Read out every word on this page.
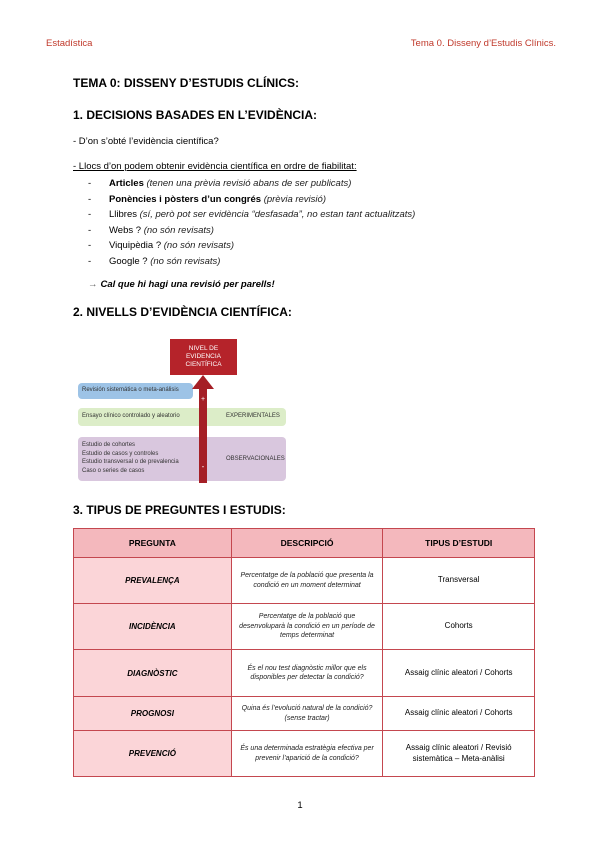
Estadística	Tema 0. Disseny d’Estudis Clínics.
TEMA 0: DISSENY D’ESTUDIS CLÍNICS:
1. DECISIONS BASADES EN L’EVIDÈNCIA:

- D’on s’obté l’evidència científica?

- Llocs d’on podem obtenir evidència científica en ordre de fiabilitat:

- Articles (tenen una prèvia revisió abans de ser publicats)
- Ponències i pòsters d’un congrés (prèvia revisió)
- Llibres (sí, però pot ser evidència “desfasada”, no estan tant actualitzats)
- Webs ? (no són revisats)
- Viquipèdia ? (no són revisats)
- Google ? (no són revisats)

→ Cal que hi hagi una revisió per parells!

2. NIVELLS D’EVIDÈNCIA CIENTÍFICA:
NIVEL DE EVIDENCIA CIENTÍFICA
Revisión sistemática o meta-análisis
Ensayo clínico controlado y aleatorio	EXPERIMENTALES
Estudio de cohortes
Estudio de casos y controles
Estudio transversal o de prevalencia
Caso o series de casos
OBSERVACIONALES
+
-
3. TIPUS DE PREGUNTES I ESTUDIS:
PREGUNTA	DESCRIPCIÓ	TIPUS D’ESTUDI
PREVALENÇA	Percentatge de la població que presenta la condició en un moment determinat	Transversal
INCIDÈNCIA	Percentatge de la població que desenvoluparà la condició en un període de temps determinat	Cohorts
DIAGNÒSTIC	És el nou test diagnòstic millor que els disponibles per detectar la condició?	Assaig clínic aleatori / Cohorts
PROGNOSI	Quina és l’evolució natural de la condició? (sense tractar)	Assaig clínic aleatori / Cohorts
PREVENCIÓ	És una determinada estratègia efectiva per prevenir l’aparició de la condició?	Assaig clínic aleatori / Revisió sistemàtica – Meta-anàlisi
1
